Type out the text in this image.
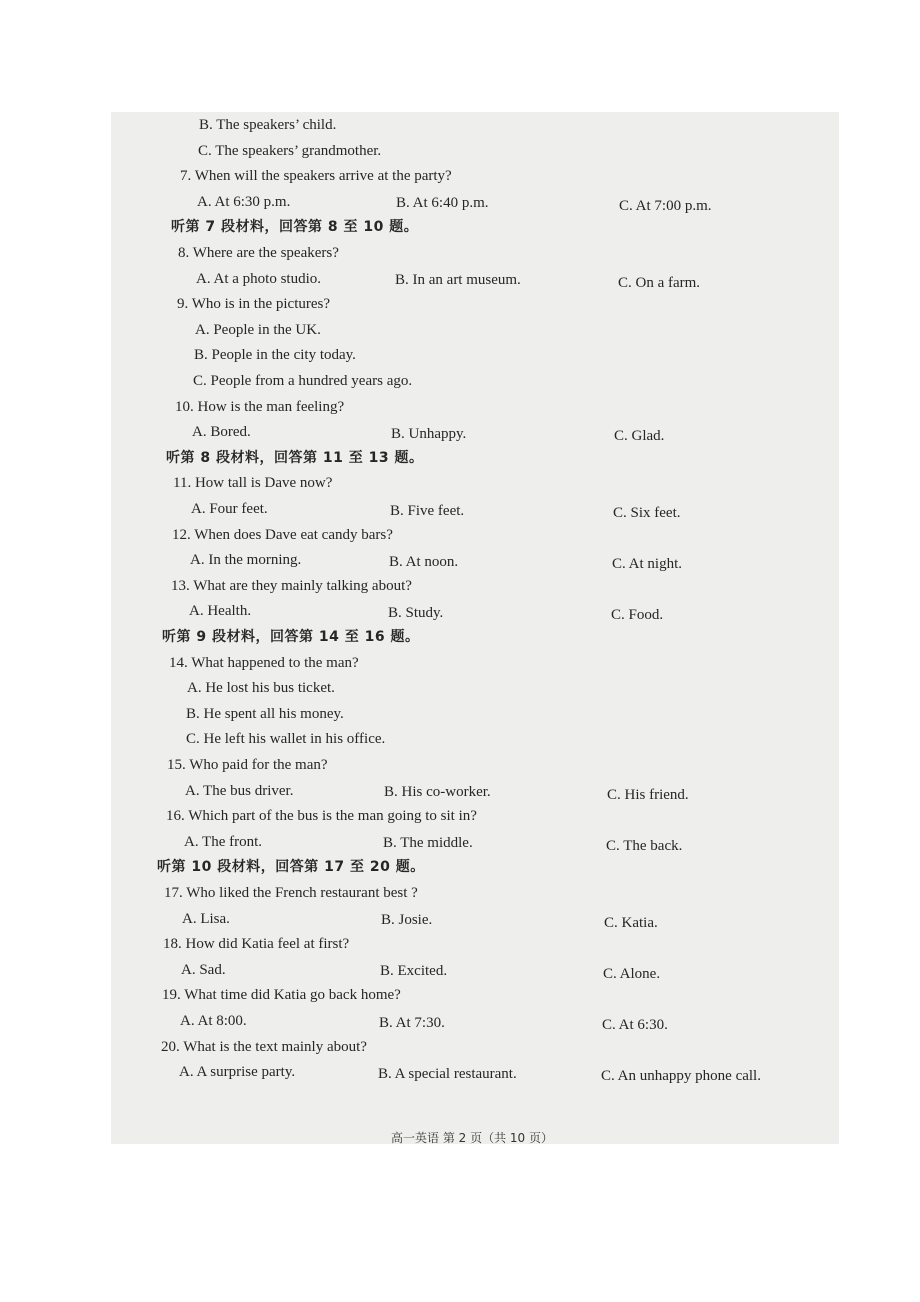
B. The speakers’ child.
C. The speakers’ grandmother.
7. When will the speakers arrive at the party?
A. At 6:30 p.m.	B. At 6:40 p.m.	C. At 7:00 p.m.
听第 7 段材料，回答第 8 至 10 题。
8. Where are the speakers?
A. At a photo studio.	B. In an art museum.	C. On a farm.
9. Who is in the pictures?
A. People in the UK.
B. People in the city today.
C. People from a hundred years ago.
10. How is the man feeling?
A. Bored.	B. Unhappy.	C. Glad.
听第 8 段材料，回答第 11 至 13 题。
11. How tall is Dave now?
A. Four feet.	B. Five feet.	C. Six feet.
12. When does Dave eat candy bars?
A. In the morning.	B. At noon.	C. At night.
13. What are they mainly talking about?
A. Health.	B. Study.	C. Food.
听第 9 段材料，回答第 14 至 16 题。
14. What happened to the man?
A. He lost his bus ticket.
B. He spent all his money.
C. He left his wallet in his office.
15. Who paid for the man?
A. The bus driver.	B. His co-worker.	C. His friend.
16. Which part of the bus is the man going to sit in?
A. The front.	B. The middle.	C. The back.
听第 10 段材料，回答第 17 至 20 题。
17. Who liked the French restaurant best ?
A. Lisa.	B. Josie.	C. Katia.
18. How did Katia feel at first?
A. Sad.	B. Excited.	C. Alone.
19. What time did Katia go back home?
A. At 8:00.	B. At 7:30.	C. At 6:30.
20. What is the text mainly about?
A. A surprise party.	B. A special restaurant.	C. An unhappy phone call.
高一英语 第 2 页（共 10 页）
